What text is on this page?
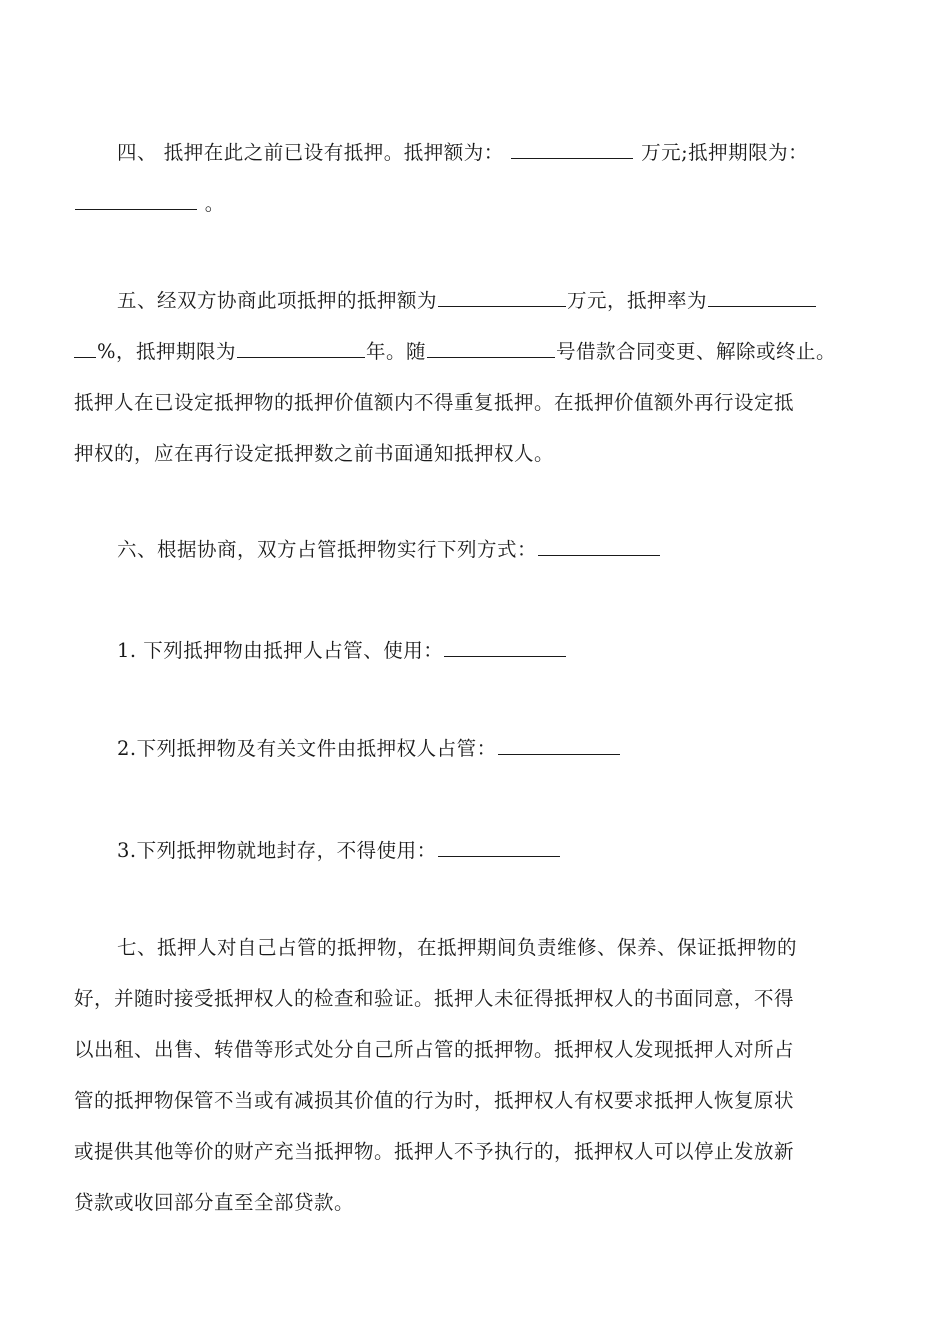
四、 抵押在此之前已设有抵押。抵押额为：	万元;抵押期限为：
。
五、经双方协商此项抵押的抵押额为	万元，抵押率为
%，抵押期限为	年。随	号借款合同变更、解除或终止。
抵押人在已设定抵押物的抵押价值额内不得重复抵押。在抵押价值额外再行设定抵
押权的，应在再行设定抵押数之前书面通知抵押权人。
六、根据协商，双方占管抵押物实行下列方式：
1. 下列抵押物由抵押人占管、使用：
2.下列抵押物及有关文件由抵押权人占管：
3.下列抵押物就地封存，不得使用：
七、抵押人对自己占管的抵押物，在抵押期间负责维修、保养、保证抵押物的
好，并随时接受抵押权人的检查和验证。抵押人未征得抵押权人的书面同意，不得
以出租、出售、转借等形式处分自己所占管的抵押物。抵押权人发现抵押人对所占
管的抵押物保管不当或有减损其价值的行为时，抵押权人有权要求抵押人恢复原状
或提供其他等价的财产充当抵押物。抵押人不予执行的，抵押权人可以停止发放新
贷款或收回部分直至全部贷款。
